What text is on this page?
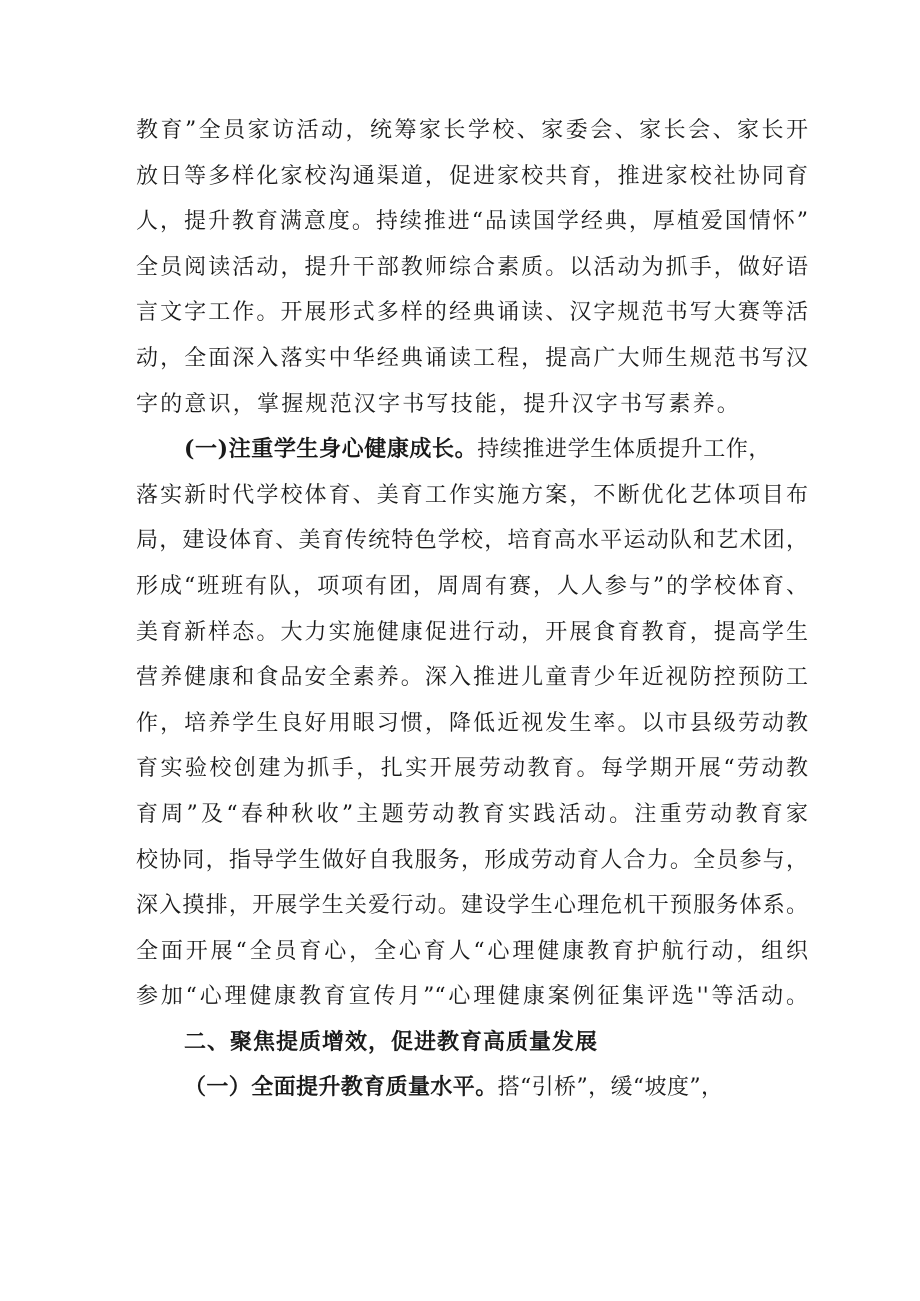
教育”全员家访活动，统筹家长学校、家委会、家长会、家长开
放日等多样化家校沟通渠道，促进家校共育，推进家校社协同育
人，提升教育满意度。持续推进“品读国学经典，厚植爱国情怀”
全员阅读活动，提升干部教师综合素质。以活动为抓手，做好语
言文字工作。开展形式多样的经典诵读、汉字规范书写大赛等活
动，全面深入落实中华经典诵读工程，提高广大师生规范书写汉
字的意识，掌握规范汉字书写技能，提升汉字书写素养。
(一)注重学生身心健康成长。持续推进学生体质提升工作，
落实新时代学校体育、美育工作实施方案，不断优化艺体项目布
局，建设体育、美育传统特色学校，培育高水平运动队和艺术团，
形成“班班有队，项项有团，周周有赛，人人参与”的学校体育、
美育新样态。大力实施健康促进行动，开展食育教育，提高学生
营养健康和食品安全素养。深入推进儿童青少年近视防控预防工
作，培养学生良好用眼习惯，降低近视发生率。以市县级劳动教
育实验校创建为抓手，扎实开展劳动教育。每学期开展“劳动教
育周”及“春种秋收”主题劳动教育实践活动。注重劳动教育家
校协同，指导学生做好自我服务，形成劳动育人合力。全员参与，
深入摸排，开展学生关爱行动。建设学生心理危机干预服务体系。
全面开展“全员育心，全心育人“心理健康教育护航行动，组织
参加“心理健康教育宣传月”“心理健康案例征集评选''等活动。
二、聚焦提质增效，促进教育高质量发展
（一）全面提升教育质量水平。搭“引桥”，缓“坡度”，
